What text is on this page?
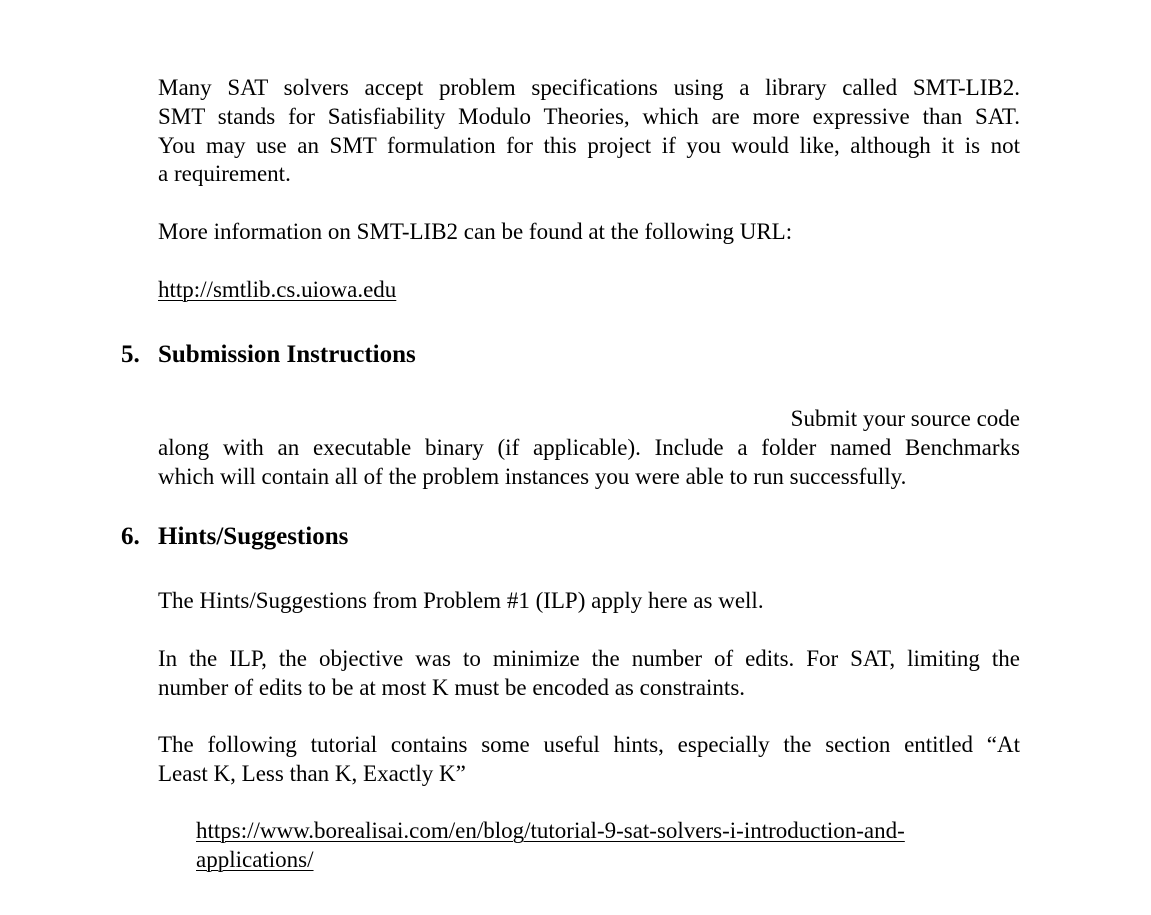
Many SAT solvers accept problem specifications using a library called SMT-LIB2.
SMT stands for Satisfiability Modulo Theories, which are more expressive than SAT.
You may use an SMT formulation for this project if you would like, although it is not
a requirement.

More information on SMT-LIB2 can be found at the following URL:

http://smtlib.cs.uiowa.edu

5. Submission Instructions

Submit your source code
along with an executable binary (if applicable). Include a folder named Benchmarks
which will contain all of the problem instances you were able to run successfully.

6. Hints/Suggestions

The Hints/Suggestions from Problem #1 (ILP) apply here as well.

In the ILP, the objective was to minimize the number of edits. For SAT, limiting the
number of edits to be at most K must be encoded as constraints.

The following tutorial contains some useful hints, especially the section entitled “At
Least K, Less than K, Exactly K”

https://www.borealisai.com/en/blog/tutorial-9-sat-solvers-i-introduction-and-
applications/
